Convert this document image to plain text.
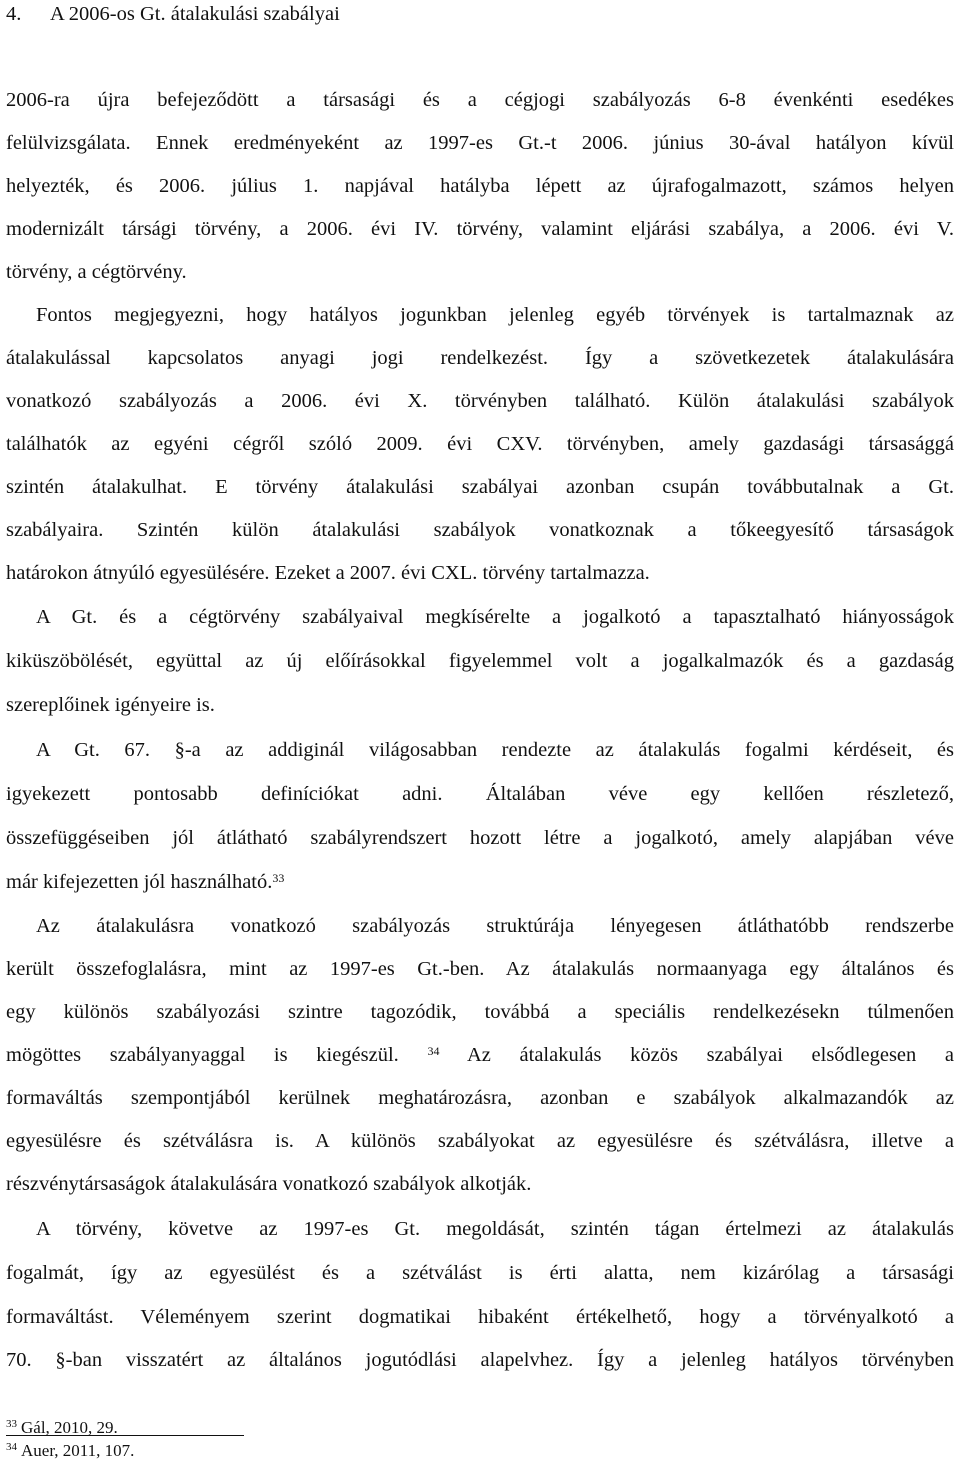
4. A 2006-os Gt. átalakulási szabályai
2006-ra újra befejeződött a társasági és a cégjogi szabályozás 6-8 évenkénti esedékes
felülvizsgálata. Ennek eredményeként az 1997-es Gt.-t 2006. június 30-ával hatályon kívül
helyezték, és 2006. július 1. napjával hatályba lépett az újrafogalmazott, számos helyen
modernizált társági törvény, a 2006. évi IV. törvény, valamint eljárási szabálya, a 2006. évi V.
törvény, a cégtörvény.
Fontos megjegyezni, hogy hatályos jogunkban jelenleg egyéb törvények is tartalmaznak az
átalakulással kapcsolatos anyagi jogi rendelkezést. Így a szövetkezetek átalakulására
vonatkozó szabályozás a 2006. évi X. törvényben található. Külön átalakulási szabályok
találhatók az egyéni cégről szóló 2009. évi CXV. törvényben, amely gazdasági társasággá
szintén átalakulhat. E törvény átalakulási szabályai azonban csupán továbbutalnak a Gt.
szabályaira. Szintén külön átalakulási szabályok vonatkoznak a tőkeegyesítő társaságok
határokon átnyúló egyesülésére. Ezeket a 2007. évi CXL. törvény tartalmazza.
A Gt. és a cégtörvény szabályaival megkísérelte a jogalkotó a tapasztalható hiányosságok
kiküszöbölését, együttal az új előírásokkal figyelemmel volt a jogalkalmazók és a gazdaság
szereplőinek igényeire is.
A Gt. 67. §-a az addiginál világosabban rendezte az átalakulás fogalmi kérdéseit, és
igyekezett pontosabb definíciókat adni. Általában véve egy kellően részletező,
összefüggéseiben jól átlátható szabályrendszert hozott létre a jogalkotó, amely alapjában véve
már kifejezetten jól használható.$^{33}$
Az átalakulásra vonatkozó szabályozás struktúrája lényegesen átláthatóbb rendszerbe
került összefoglalásra, mint az 1997-es Gt.-ben. Az átalakulás normaanyaga egy általános és
egy különös szabályozási szintre tagozódik, továbbá a speciális rendelkezésekn túlmenően
mögöttes szabályanyaggal is kiegészül. $^{34}$ Az átalakulás közös szabályai elsődlegesen a
formaváltás szempontjából kerülnek meghatározásra, azonban e szabályok alkalmazandók az
egyesülésre és szétválásra is. A különös szabályokat az egyesülésre és szétválásra, illetve a
részvénytársaságok átalakulására vonatkozó szabályok alkotják.
A törvény, követve az 1997-es Gt. megoldását, szintén tágan értelmezi az átalakulás
fogalmát, így az egyesülést és a szétválást is érti alatta, nem kizárólag a társasági
formaváltást. Véleményem szerint dogmatikai hibaként értékelhető, hogy a törvényalkotó a
70. §-ban visszatért az általános jogutódlási alapelvhez. Így a jelenleg hatályos törvényben
$^{33}$ Gál, 2010, 29.
$^{34}$ Auer, 2011, 107.
